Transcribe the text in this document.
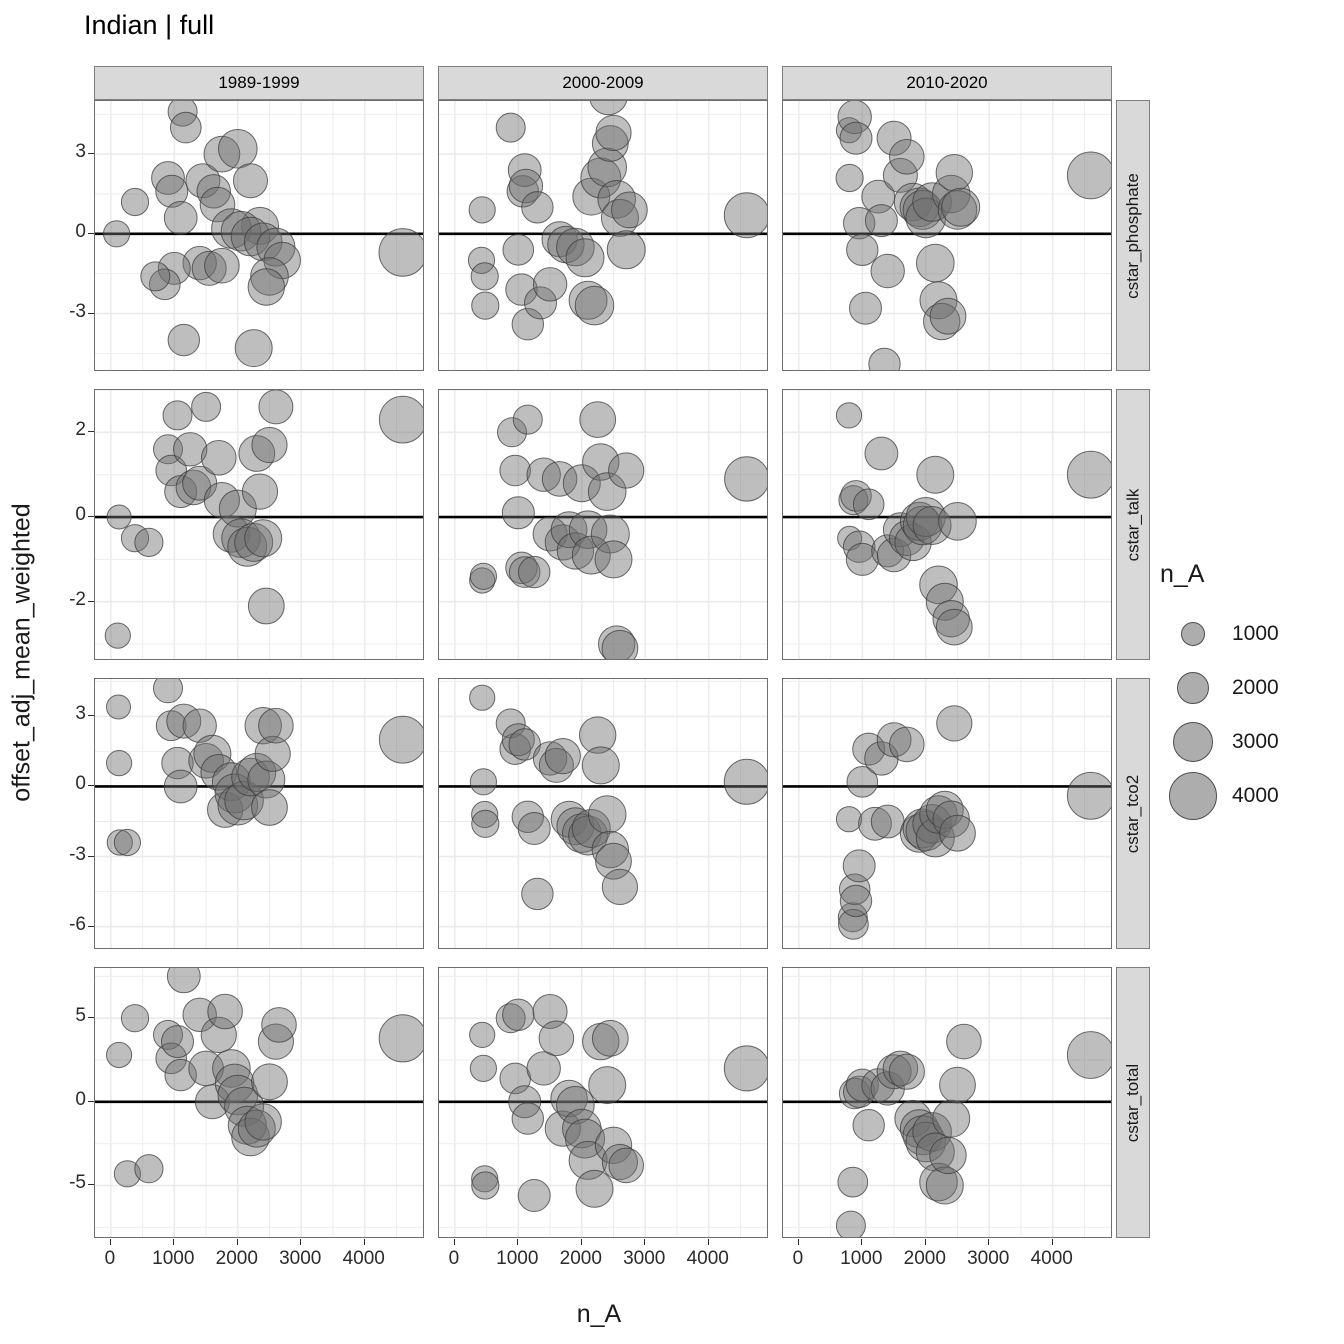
Indian | full
offset_adj_mean_weighted
1989-1999	2000-2009	2010-2020
cstar_phosphate
cstar_talk
cstar_tco2
cstar_total
-3
0
3
-2
0
2
-6
-3
0
3
-5
0
5
0	1000	2000	3000	4000	0	1000	2000	3000	4000	0	1000	2000	3000	4000
n_A
n_A
1000
2000
3000
4000
